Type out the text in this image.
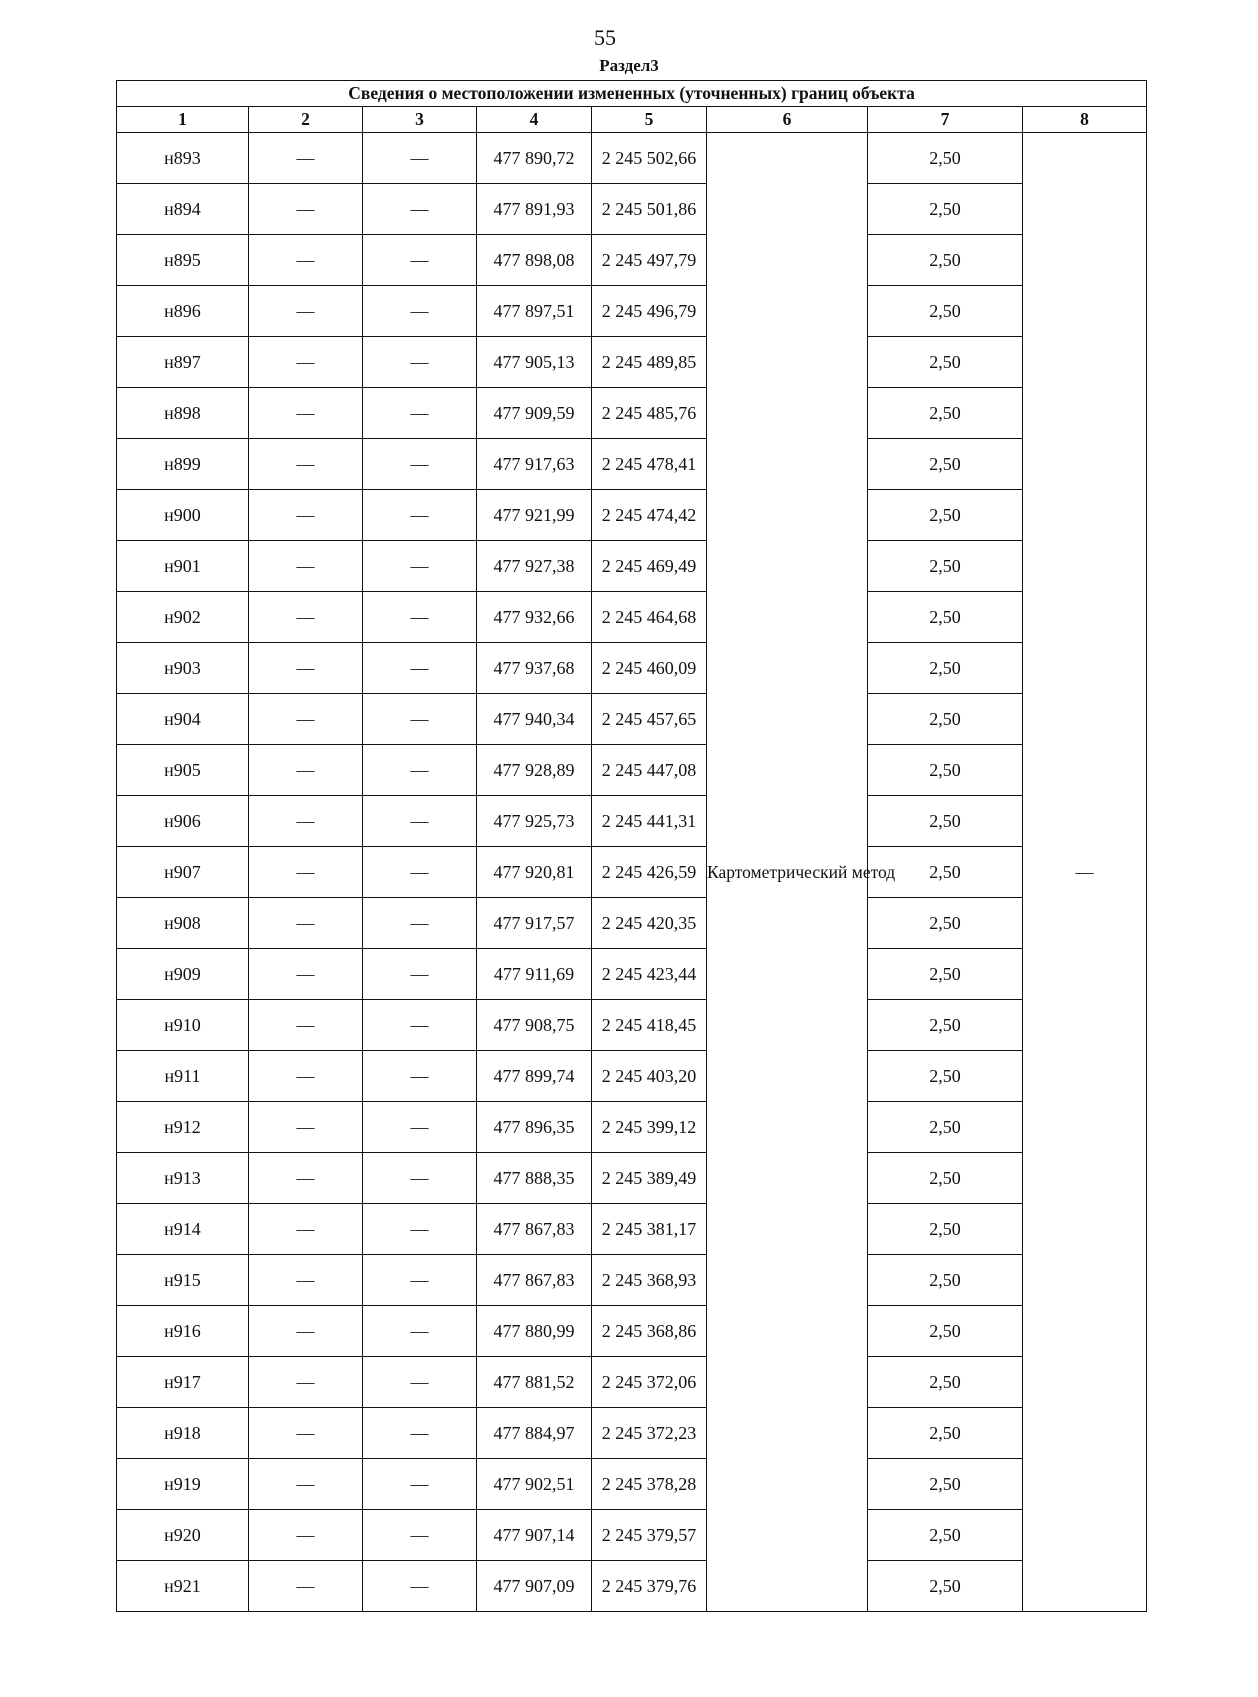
55
Раздел3
Сведения о местоположении измененных (уточненных) границ объекта							
1	2	3	4	5	6	7	8
н893	—	—	477 890,72	2 245 502,66	Картометрический метод	2,50	—
н894	—	—	477 891,93	2 245 501,86		2,50	
н895	—	—	477 898,08	2 245 497,79		2,50	
н896	—	—	477 897,51	2 245 496,79		2,50	
н897	—	—	477 905,13	2 245 489,85		2,50	
н898	—	—	477 909,59	2 245 485,76		2,50	
н899	—	—	477 917,63	2 245 478,41		2,50	
н900	—	—	477 921,99	2 245 474,42		2,50	
н901	—	—	477 927,38	2 245 469,49		2,50	
н902	—	—	477 932,66	2 245 464,68		2,50	
н903	—	—	477 937,68	2 245 460,09		2,50	
н904	—	—	477 940,34	2 245 457,65		2,50	
н905	—	—	477 928,89	2 245 447,08		2,50	
н906	—	—	477 925,73	2 245 441,31		2,50	
н907	—	—	477 920,81	2 245 426,59		2,50	
н908	—	—	477 917,57	2 245 420,35		2,50	
н909	—	—	477 911,69	2 245 423,44		2,50	
н910	—	—	477 908,75	2 245 418,45		2,50	
н911	—	—	477 899,74	2 245 403,20		2,50	
н912	—	—	477 896,35	2 245 399,12		2,50	
н913	—	—	477 888,35	2 245 389,49		2,50	
н914	—	—	477 867,83	2 245 381,17		2,50	
н915	—	—	477 867,83	2 245 368,93		2,50	
н916	—	—	477 880,99	2 245 368,86		2,50	
н917	—	—	477 881,52	2 245 372,06		2,50	
н918	—	—	477 884,97	2 245 372,23		2,50	
н919	—	—	477 902,51	2 245 378,28		2,50	
н920	—	—	477 907,14	2 245 379,57		2,50	
н921	—	—	477 907,09	2 245 379,76		2,50	
